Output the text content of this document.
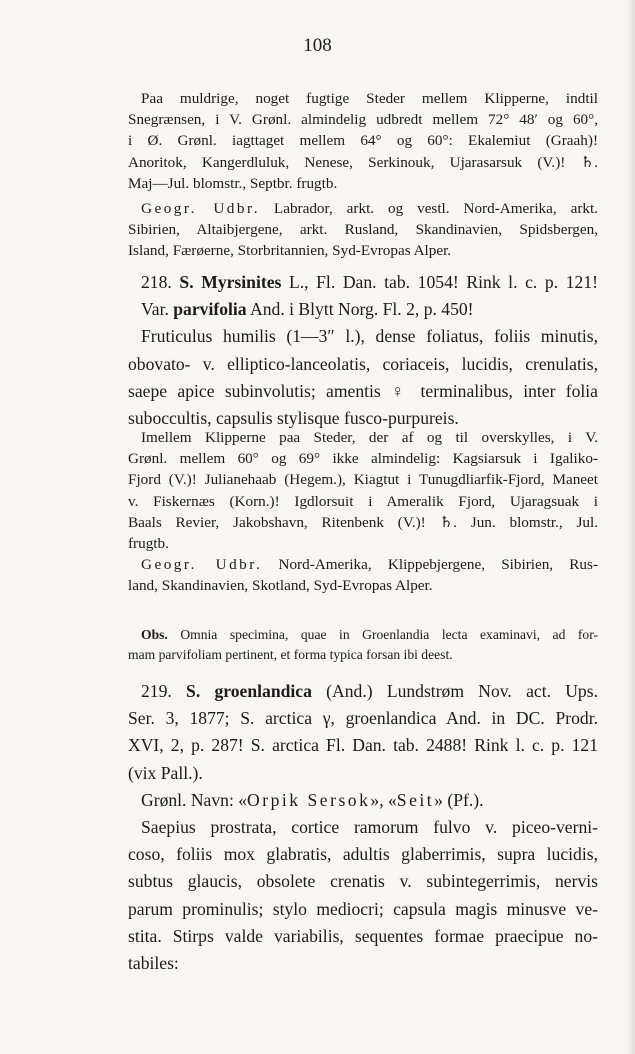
108
Paa muldrige, noget fugtige Steder mellem Klipperne, indtil
Snegrænsen, i V. Grønl. almindelig udbredt mellem 72° 48′ og 60°,
i Ø. Grønl. iagttaget mellem 64° og 60°: Ekalemiut (Graah)!
Anoritok, Kangerdluluk, Nenese, Serkinouk, Ujarasarsuk (V.)! ♄.
Maj—Jul. blomstr., Septbr. frugtb.
Geogr. Udbr. Labrador, arkt. og vestl. Nord-Amerika, arkt.
Sibirien, Altaibjergene, arkt. Rusland, Skandinavien, Spidsbergen,
Island, Færøerne, Storbritannien, Syd-Evropas Alper.
218. S. Myrsinites L., Fl. Dan. tab. 1054! Rink l. c. p. 121!
Var. parvifolia And. i Blytt Norg. Fl. 2, p. 450!
Fruticulus humilis (1—3″ l.), dense foliatus, foliis minutis,
obovato- v. elliptico-lanceolatis, coriaceis, lucidis, crenulatis,
saepe apice subinvolutis; amentis ♀ terminalibus, inter folia
suboccultis, capsulis stylisque fusco-purpureis.
Imellem Klipperne paa Steder, der af og til overskylles, i V.
Grønl. mellem 60° og 69° ikke almindelig: Kagsiarsuk i Igaliko-
Fjord (V.)! Julianehaab (Hegem.), Kiagtut i Tunugdliarfik-Fjord, Maneet
v. Fiskernæs (Korn.)! Igdlorsuit i Ameralik Fjord, Ujaragsuak i
Baals Revier, Jakobshavn, Ritenbenk (V.)! ♄. Jun. blomstr., Jul.
frugtb.
Geogr. Udbr. Nord-Amerika, Klippebjergene, Sibirien, Rus-
land, Skandinavien, Skotland, Syd-Evropas Alper.
Obs. Omnia specimina, quae in Groenlandia lecta examinavi, ad for-
mam parvifoliam pertinent, et forma typica forsan ibi deest.
219. S. groenlandica (And.) Lundstrøm Nov. act. Ups.
Ser. 3, 1877; S. arctica γ, groenlandica And. in DC. Prodr.
XVI, 2, p. 287! S. arctica Fl. Dan. tab. 2488! Rink l. c. p. 121
(vix Pall.).
Grønl. Navn: «Orpik Sersok», «Seit» (Pf.).
Saepius prostrata, cortice ramorum fulvo v. piceo-verni-
coso, foliis mox glabratis, adultis glaberrimis, supra lucidis,
subtus glaucis, obsolete crenatis v. subintegerrimis, nervis
parum prominulis; stylo mediocri; capsula magis minusve ve-
stita. Stirps valde variabilis, sequentes formae praecipue no-
tabiles:
